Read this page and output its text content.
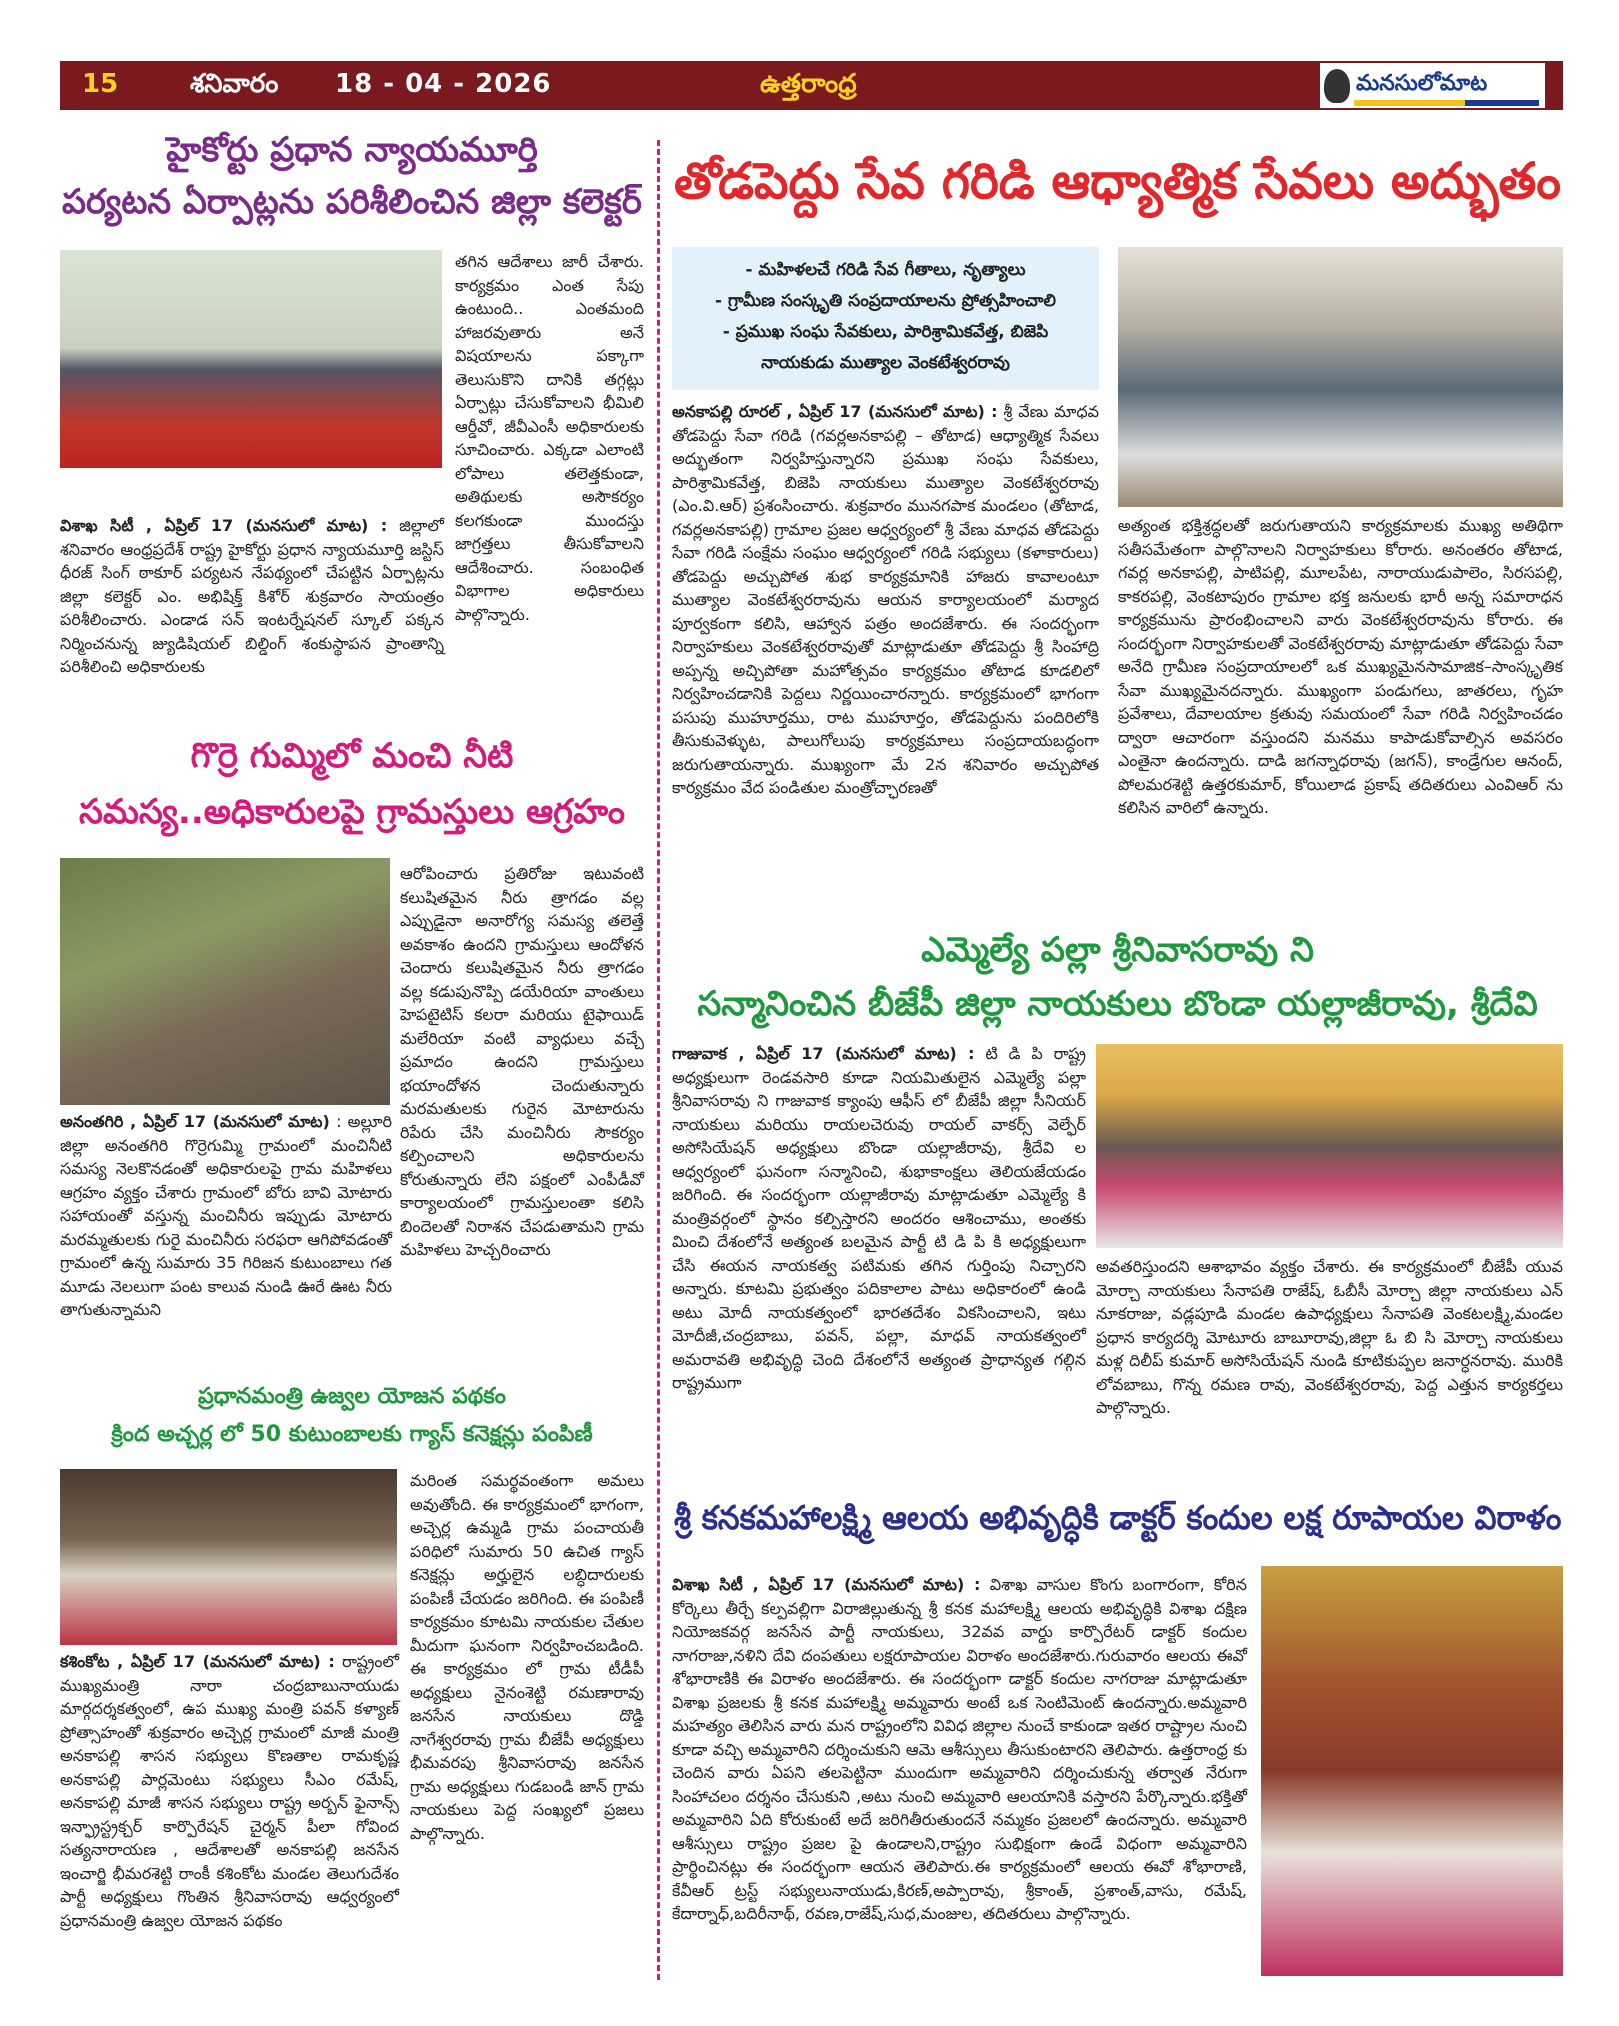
15	శనివారం 18 - 04 - 2026	ఉత్తరాంధ్ర	మనసులోమాట
హైకోర్టు ప్రధాన న్యాయమూర్తి
పర్యటన ఏర్పాట్లను పరిశీలించిన జిల్లా కలెక్టర్
తగిన ఆదేశాలు జారీ చేశారు. కార్యక్రమం ఎంత సేపు ఉంటుంది.. ఎంతమంది హాజరవుతారు అనే విషయాలను పక్కాగా తెలుసుకొని దానికి తగ్గట్లు ఏర్పాట్లు చేసుకోవాలని భీమిలి ఆర్డీవో, జీవీఎంసీ అధికారులకు సూచించారు. ఎక్కడా ఎలాంటి లోపాలు తలెత్తకుండా, అతిథులకు అసౌకర్యం కలగకుండా ముందస్తు జాగ్రత్తలు తీసుకోవాలని ఆదేశించారు. సంబంధిత విభాగాల అధికారులు పాల్గొన్నారు.
విశాఖ సిటీ , ఏప్రిల్ 17 (మనసులో మాట) : జిల్లాలో శనివారం ఆంధ్రప్రదేశ్ రాష్ట్ర హైకోర్టు ప్రధాన న్యాయమూర్తి జస్టిస్ ధీరజ్ సింగ్ ఠాకూర్ పర్యటన నేపథ్యంలో చేపట్టిన ఏర్పాట్లను జిల్లా కలెక్టర్ ఎం. అభిషిక్త్ కిశోర్ శుక్రవారం సాయంత్రం పరిశీలించారు. ఎండాడ సన్ ఇంటర్నేషనల్ స్కూల్ పక్కన నిర్మించనున్న జ్యుడిషియల్ బిల్డింగ్ శంకుస్థాపన ప్రాంతాన్ని పరిశీలించి అధికారులకు
గొర్రె గుమ్మిలో మంచి నీటి
సమస్య..అధికారులపై గ్రామస్తులు ఆగ్రహం
ఆరోపించారు ప్రతిరోజు ఇటువంటి కలుషితమైన నీరు త్రాగడం వల్ల ఎప్పుడైనా అనారోగ్య సమస్య తలెత్తే అవకాశం ఉందని గ్రామస్తులు ఆందోళన చెందారు కలుషితమైన నీరు త్రాగడం వల్ల కడుపునొప్పి డయేరియా వాంతులు హెపటైటిస్ కలరా మరియు టైఫాయిడ్ మలేరియా వంటి వ్యాధులు వచ్చే ప్రమాదం ఉందని గ్రామస్తులు భయాందోళన చెందుతున్నారు మరమతులకు గురైన మోటారును రిపేరు చేసి మంచినీరు సౌకర్యం కల్పించాలని అధికారులను కోరుతున్నారు లేని పక్షంలో ఎంపీడీవో కార్యాలయంలో గ్రామస్తులంతా కలిసి బిందెలతో నిరాశన చేపడుతామని గ్రామ మహిళలు హెచ్చరించారు
అనంతగిరి , ఏప్రిల్ 17 (మనసులో మాట) : అల్లూరి జిల్లా అనంతగిరి గొర్రెగుమ్మి గ్రామంలో మంచినీటి సమస్య నెలకొనడంతో అధికారులపై గ్రామ మహిళలు ఆగ్రహం వ్యక్తం చేశారు గ్రామంలో బోరు బావి మోటారు సహాయంతో వస్తున్న మంచినీరు ఇప్పుడు మోటారు మరమ్మతులకు గురై మంచినీరు సరఫరా ఆగిపోవడంతో గ్రామంలో ఉన్న సుమారు 35 గిరిజన కుటుంబాలు గత మూడు నెలలుగా పంట కాలువ నుండి ఊరే ఊట నీరు తాగుతున్నామని
ప్రధానమంత్రి ఉజ్వల యోజన పథకం
క్రింద అచ్చర్ల లో 50 కుటుంబాలకు గ్యాస్ కనెక్షన్లు పంపిణీ
మరింత సమర్థవంతంగా అమలు అవుతోంది. ఈ కార్యక్రమంలో భాగంగా, అచ్చెర్ల ఉమ్మడి గ్రామ పంచాయతీ పరిధిలో సుమారు 50 ఉచిత గ్యాస్ కనెక్షన్లు అర్హులైన లబ్ధిదారులకు పంపిణీ చేయడం జరిగింది. ఈ పంపిణీ కార్యక్రమం కూటమి నాయకుల చేతుల మీదుగా ఘనంగా నిర్వహించబడింది. ఈ కార్యక్రమం లో గ్రామ టీడీపీ అధ్యక్షులు నైనంశెట్టి రమణారావు జనసేన నాయకులు దొడ్డి నాగేశ్వరరావు గ్రామ బీజేపీ అధ్యక్షులు భీమవరపు శ్రీనివాసరావు జనసేన గ్రామ అధ్యక్షులు గుడబండి జాన్ గ్రామ నాయకులు పెద్ద సంఖ్యలో ప్రజలు పాల్గొన్నారు.
కశింకోట , ఏప్రిల్ 17 (మనసులో మాట) : రాష్ట్రంలో ముఖ్యమంత్రి నారా చంద్రబాబునాయుడు మార్గదర్శకత్వంలో, ఉప ముఖ్య మంత్రి పవన్ కళ్యాణ్ ప్రోత్సాహంతో శుక్రవారం అచ్చెర్ల గ్రామంలో మాజీ మంత్రి అనకాపల్లి శాసన సభ్యులు కొణతాల రామకృష్ణ అనకాపల్లి పార్లమెంటు సభ్యులు సీఎం రమేష్, అనకాపల్లి మాజీ శాసన సభ్యులు రాష్ట్ర అర్బన్ ఫైనాన్స్ ఇన్ఫ్రాస్ట్రక్చర్ కార్పొరేషన్ చైర్మన్ పీలా గోవింద సత్యనారాయణ , ఆదేశాలతో అనకాపల్లి జనసేన ఇంచార్జి భీమరశెట్టి రాంకీ కశింకోట మండల తెలుగుదేశం పార్టీ అధ్యక్షులు గొంతిన శ్రీనివాసరావు ఆధ్వర్యంలో ప్రధానమంత్రి ఉజ్వల యోజన పథకం
తోడపెద్దు సేవ గరిడి ఆధ్యాత్మిక సేవలు అద్భుతం
- మహిళలచే గరిడి సేవ గీతాలు, నృత్యాలు
- గ్రామీణ సంస్కృతి సంప్రదాయాలను ప్రోత్సహించాలి
- ప్రముఖ సంఘ సేవకులు, పారిశ్రామికవేత్త, బిజెపి
నాయకుడు ముత్యాల వెంకటేశ్వరరావు
అనకాపల్లి రూరల్ , ఏప్రిల్ 17 (మనసులో మాట) : శ్రీ వేణు మాధవ తోడపెద్దు సేవా గరిడి (గవర్లఅనకాపల్లి – తోటాడ) ఆధ్యాత్మిక సేవలు అద్భుతంగా నిర్వహిస్తున్నారని ప్రముఖ సంఘ సేవకులు, పారిశ్రామికవేత్త, బిజెపి నాయకులు ముత్యాల వెంకటేశ్వరరావు (ఎం.వి.ఆర్) ప్రశంసించారు. శుక్రవారం మునగపాక మండలం (తోటాడ, గవర్లఅనకాపల్లి) గ్రామాల ప్రజల ఆధ్వర్యంలో శ్రీ వేణు మాధవ తోడపెద్దు సేవా గరిడి సంక్షేమ సంఘం ఆధ్వర్యంలో గరిడి సభ్యులు (కళాకారులు) తోడపెద్దు అచ్చుపోత శుభ కార్యక్రమానికి హాజరు కావాలంటూ ముత్యాల వెంకటేశ్వరరావును ఆయన కార్యాలయంలో మర్యాద పూర్వకంగా కలిసి, ఆహ్వాన పత్రం అందజేశారు. ఈ సందర్భంగా నిర్వాహకులు వెంకటేశ్వరరావుతో మాట్లాడుతూ తోడపెద్దు శ్రీ సింహాద్రి అప్పన్న అచ్చిపోతా మహోత్సవం కార్యక్రమం తోటాడ కూడలిలో నిర్వహించడానికి పెద్దలు నిర్ణయించారన్నారు. కార్యక్రమంలో భాగంగా పసుపు ముహూర్తము, రాట ముహూర్తం, తోడపెద్దును పందిరిలోకి తీసుకువెళ్ళుట, పాలుగోలుపు కార్యక్రమాలు సంప్రదాయబద్ధంగా జరుగుతాయన్నారు. ముఖ్యంగా మే 2న శనివారం అచ్చుపోత కార్యక్రమం వేద పండితుల మంత్రోచ్ఛారణతో
అత్యంత భక్తిశ్రద్ధలతో జరుగుతాయని కార్యక్రమాలకు ముఖ్య అతిథిగా సతీసమేతంగా పాల్గొనాలని నిర్వాహకులు కోరారు. అనంతరం తోటాడ, గవర్ల అనకాపల్లి, పాటిపల్లి, మూలపేట, నారాయుడుపాలెం, సిరసపల్లి, కాకరపల్లి, వెంకటాపురం గ్రామాల భక్త జనులకు భారీ అన్న సమారాధన కార్యక్రమును ప్రారంభించాలని వారు వెంకటేశ్వరరావును కోరారు. ఈ సందర్భంగా నిర్వాహకులతో వెంకటేశ్వరరావు మాట్లాడుతూ తోడపెద్దు సేవా అనేది గ్రామీణ సంప్రదాయాలలో ఒక ముఖ్యమైనసామాజిక–సాంస్కృతిక సేవా ముఖ్యమైనదన్నారు. ముఖ్యంగా పండుగలు, జాతరలు, గృహ ప్రవేశాలు, దేవాలయాల క్రతువు సమయంలో సేవా గరిడి నిర్వహించడం ద్వారా ఆచారంగా వస్తుందని మనము కాపాడుకోవాల్సిన అవసరం ఎంతైనా ఉందన్నారు. దాడి జగన్నాధరావు (జగన్), కాండ్రేగుల ఆనంద్, పోలమరశెట్టి ఉత్తరకుమార్, కోయిలాడ ప్రకాష్ తదితరులు ఎంవిఆర్ ను కలిసిన వారిలో ఉన్నారు.
ఎమ్మెల్యే పల్లా శ్రీనివాసరావు ని
సన్మానించిన బీజేపీ జిల్లా నాయకులు బొండా యల్లాజీరావు, శ్రీదేవి
గాజువాక , ఏప్రిల్ 17 (మనసులో మాట) : టి డి పి రాష్ట్ర అధ్యక్షులుగా రెండవసారి కూడా నియమితులైన ఎమ్మెల్యే పల్లా శ్రీనివాసరావు ని గాజువాక క్యాంపు ఆఫీస్ లో బీజేపీ జిల్లా సీనియర్ నాయకులు మరియు రాయలచెరువు రాయల్ వాకర్స్ వెల్ఫేర్ అసోసియేషన్ అధ్యక్షులు బొండా యల్లాజీరావు, శ్రీదేవి ల ఆధ్వర్యంలో ఘనంగా సన్మానించి, శుభాకాంక్షలు తెలియజేయడం జరిగింది. ఈ సందర్భంగా యల్లాజీరావు మాట్లాడుతూ ఎమ్మెల్యే కి మంత్రివర్గంలో స్థానం కల్పిస్తారని అందరం ఆశించాము, అంతకు మించి దేశంలోనే అత్యంత బలమైన పార్టీ టి డి పి కి అధ్యక్షులుగా చేసి ఈయన నాయకత్వ పటిమకు తగిన గుర్తింపు నిచ్చారని అన్నారు. కూటమి ప్రభుత్వం పదికాలాల పాటు అధికారంలో ఉండి అటు మోదీ నాయకత్వంలో భారతదేశం వికసించాలని, ఇటు మోదీజీ,చంద్రబాబు, పవన్, పల్లా, మాధవ్ నాయకత్వంలో అమరావతి అభివృద్ధి చెంది దేశంలోనే అత్యంత ప్రాధాన్యత గల్గిన రాష్ట్రముగా
అవతరిస్తుందని ఆశాభావం వ్యక్తం చేశారు. ఈ కార్యక్రమంలో బీజేపీ యువ మోర్చా నాయకులు సేనాపతి రాజేష్, ఓబీసీ మోర్చా జిల్లా నాయకులు ఎన్ నూకరాజు, వడ్లపూడి మండల ఉపాధ్యక్షులు సేనాపతి వెంకటలక్ష్మి,మండల ప్రధాన కార్యదర్శి మోటూరు బాబూరావు,జిల్లా ఓ బి సి మోర్చా నాయకులు మళ్ల దిలీప్ కుమార్ అసోసియేషన్ నుండి కూటికుప్పల జనార్ధనరావు. మురికి లోవబాబు, గొన్న రమణ రావు, వెంకటేశ్వరరావు, పెద్ద ఎత్తున కార్యకర్తలు పాల్గొన్నారు.
శ్రీ కనకమహాలక్ష్మి ఆలయ అభివృద్ధికి డాక్టర్ కందుల లక్ష రూపాయల విరాళం
విశాఖ సిటీ , ఏప్రిల్ 17 (మనసులో మాట) : విశాఖ వాసుల కొంగు బంగారంగా, కోరిన కోర్కెలు తీర్చే కల్పవల్లిగా విరాజిల్లుతున్న శ్రీ కనక మహాలక్ష్మి ఆలయ అభివృద్ధికి విశాఖ దక్షిణ నియోజకవర్గ జనసేన పార్టీ నాయకులు, 32వవ వార్డు కార్పొరేటర్ డాక్టర్ కందుల నాగరాజు,నళిని దేవి దంపతులు లక్షరూపాయల విరాళం అందజేశారు.గురువారం ఆలయ ఈవో శోభారాణికి ఈ విరాళం అందజేశారు. ఈ సందర్భంగా డాక్టర్ కందుల నాగరాజు మాట్లాడుతూ విశాఖ ప్రజలకు శ్రీ కనక మహాలక్ష్మి అమ్మవారు అంటే ఒక సెంటిమెంట్ ఉందన్నారు.అమ్మవారి మహత్యం తెలిసిన వారు మన రాష్ట్రంలోని వివిధ జిల్లాల నుంచే కాకుండా ఇతర రాష్ట్రాల నుంచి కూడా వచ్చి అమ్మవారిని దర్శించుకుని ఆమె ఆశీస్సులు తీసుకుంటారని తెలిపారు. ఉత్తరాంధ్ర కు చెందిన వారు ఏపని తలపెట్టినా ముందుగా అమ్మవారిని దర్శించుకున్న తర్వాత నేరుగా సింహాచలం దర్శనం చేసుకుని ,అటు నుంచి అమ్మవారి ఆలయానికి వస్తారని పేర్కొన్నారు.భక్తితో అమ్మవారిని ఏది కోరుకుంటే అదే జరిగితీరుతుందనే నమ్మకం ప్రజలలో ఉందన్నారు. అమ్మవారి ఆశీస్సులు రాష్ట్రం ప్రజల పై ఉండాలని,రాష్ట్రం సుభిక్షంగా ఉండే విధంగా అమ్మవారిని ప్రార్థించినట్లు ఈ సందర్భంగా ఆయన తెలిపారు.ఈ కార్యక్రమంలో ఆలయ ఈవో శోభారాణి, కేవీఆర్ ట్రస్ట్ సభ్యులునాయుడు,కిరణ్,అప్పారావు, శ్రీకాంత్, ప్రశాంత్,వాసు, రమేష్, కేదార్నాధ్,బదిరీనాథ్, రవణ,రాజేష్,సుధ,మంజుల, తదితరులు పాల్గొన్నారు.
